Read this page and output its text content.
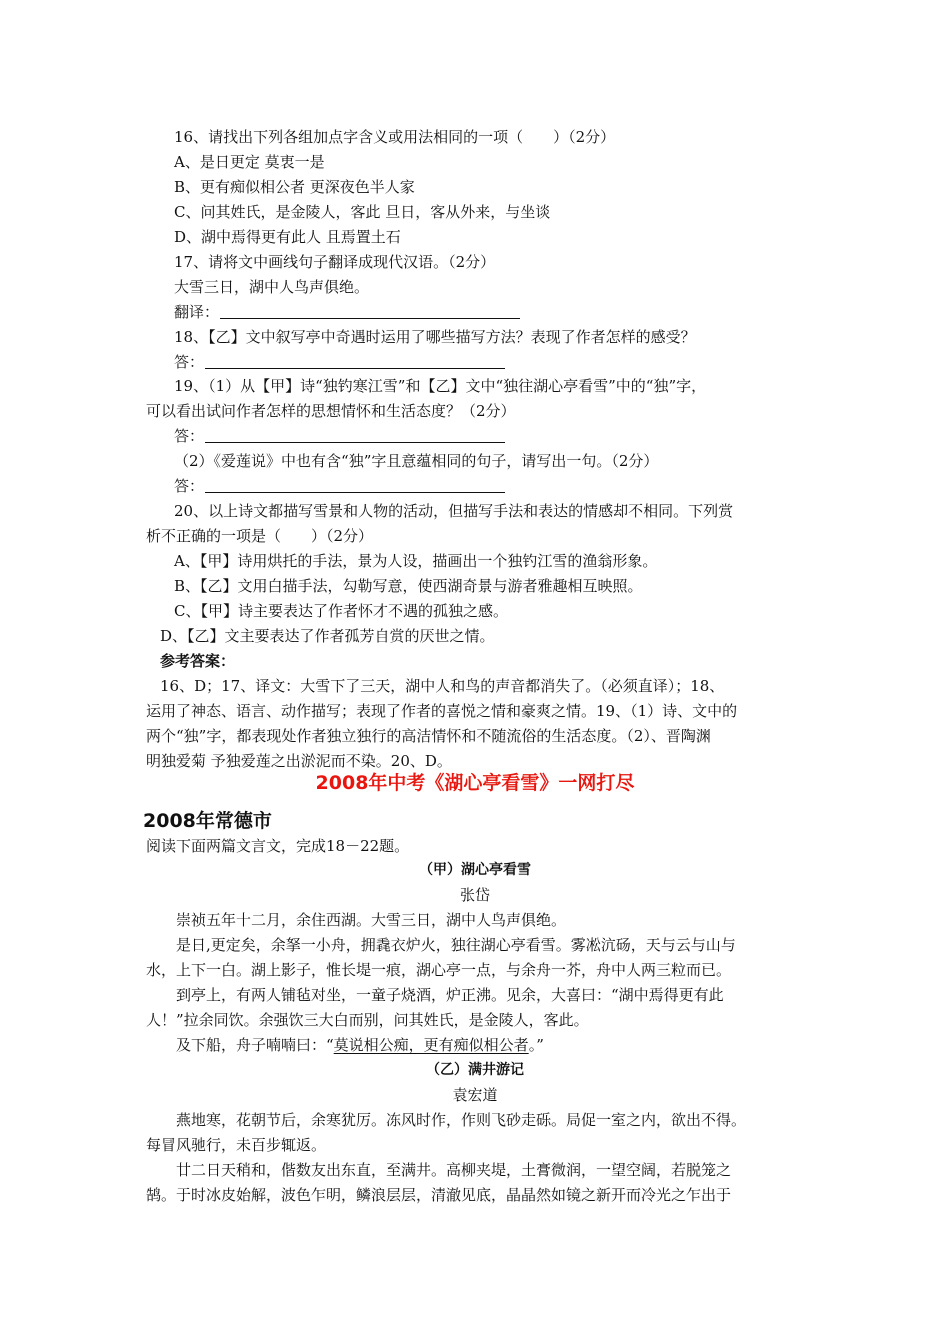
16、请找出下列各组加点字含义或用法相同的一项（　　）（2分）
A、是日更定 莫衷一是
B、更有痴似相公者 更深夜色半人家
C、问其姓氏，是金陵人，客此 旦日，客从外来，与坐谈
D、湖中焉得更有此人 且焉置土石
17、请将文中画线句子翻译成现代汉语。（2分）
大雪三日，湖中人鸟声俱绝。
翻译：
18、【乙】文中叙写亭中奇遇时运用了哪些描写方法？表现了作者怎样的感受？
答：
19、（1）从【甲】诗“独钓寒江雪”和【乙】文中“独往湖心亭看雪”中的“独”字，
可以看出试问作者怎样的思想情怀和生活态度？（2分）
答：
（2）《爱莲说》中也有含“独”字且意蕴相同的句子，请写出一句。（2分）
答：
20、以上诗文都描写雪景和人物的活动，但描写手法和表达的情感却不相同。下列赏
析不正确的一项是（　　）（2分）
A、【甲】诗用烘托的手法，景为人设，描画出一个独钓江雪的渔翁形象。
B、【乙】文用白描手法，勾勒写意，使西湖奇景与游者雅趣相互映照。
C、【甲】诗主要表达了作者怀才不遇的孤独之感。
D、【乙】文主要表达了作者孤芳自赏的厌世之情。
参考答案：
16、D；17、译文：大雪下了三天，湖中人和鸟的声音都消失了。（必须直译）；18、
运用了神态、语言、动作描写；表现了作者的喜悦之情和豪爽之情。19、（1）诗、文中的
两个“独”字，都表现处作者独立独行的高洁情怀和不随流俗的生活态度。（2）、晋陶渊
明独爱菊 予独爱莲之出淤泥而不染。20、D。
2008年中考《湖心亭看雪》一网打尽
2008年常德市
阅读下面两篇文言文，完成18－22题。
（甲）湖心亭看雪
张岱
崇祯五年十二月，余住西湖。大雪三日，湖中人鸟声俱绝。
是日,更定矣，余拏一小舟，拥毳衣炉火，独往湖心亭看雪。雾凇沆砀，天与云与山与
水，上下一白。湖上影子，惟长堤一痕，湖心亭一点，与余舟一芥，舟中人两三粒而已。
到亭上，有两人铺毡对坐，一童子烧酒，炉正沸。见余，大喜曰：“湖中焉得更有此
人！”拉余同饮。余强饮三大白而别，问其姓氏，是金陵人，客此。
及下船，舟子喃喃曰：“莫说相公痴，更有痴似相公者。”
（乙）满井游记
袁宏道
燕地寒，花朝节后，余寒犹厉。冻风时作，作则飞砂走砾。局促一室之内，欲出不得。
每冒风驰行，未百步辄返。
廿二日天稍和，偕数友出东直，至满井。高柳夹堤，土膏微润，一望空阔，若脱笼之
鹄。于时冰皮始解，波色乍明，鳞浪层层，清澈见底，晶晶然如镜之新开而冷光之乍出于
